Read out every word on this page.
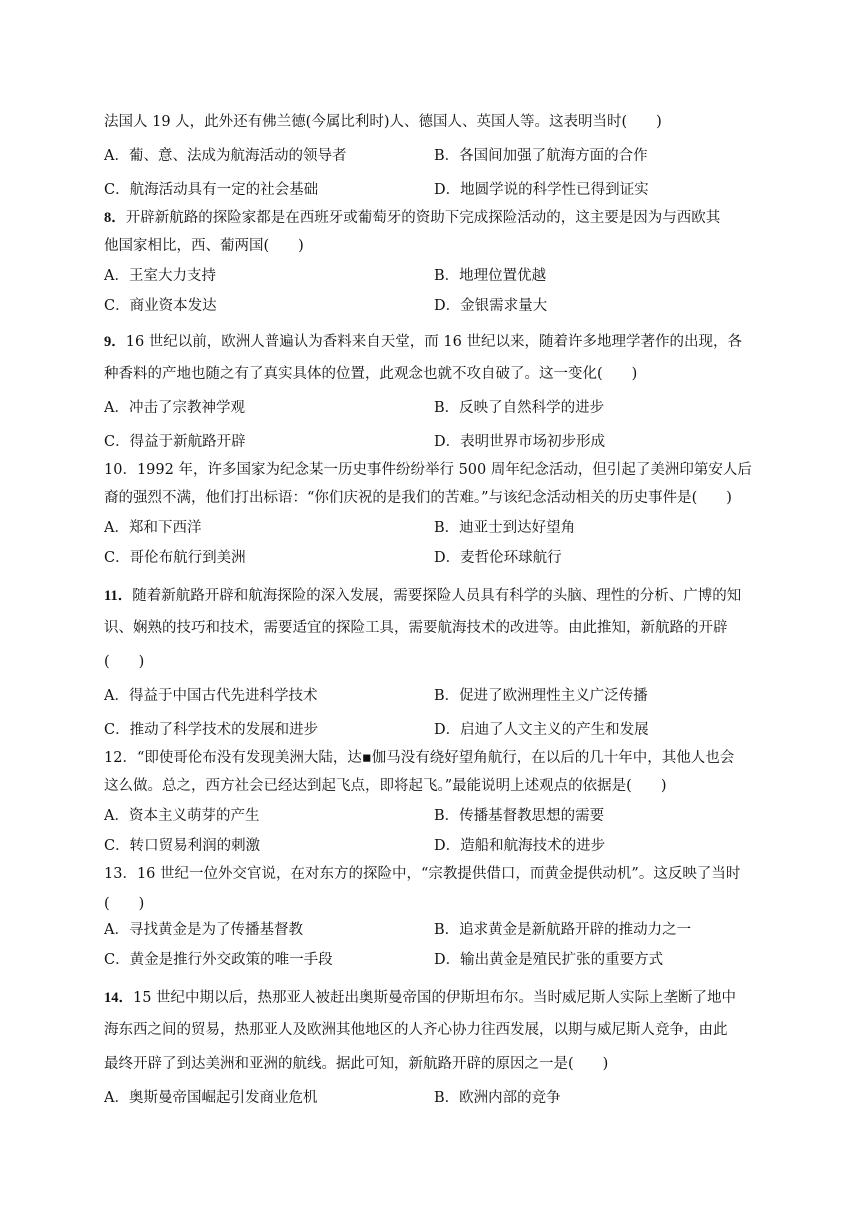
法国人 19 人，此外还有佛兰德(今属比利时)人、德国人、英国人等。这表明当时(　　)
A．葡、意、法成为航海活动的领导者	B．各国间加强了航海方面的合作
C．航海活动具有一定的社会基础	D．地圆学说的科学性已得到证实
8．开辟新航路的探险家都是在西班牙或葡萄牙的资助下完成探险活动的，这主要是因为与西欧其
他国家相比，西、葡两国(　　)
A．王室大力支持	B．地理位置优越
C．商业资本发达	D．金银需求量大
9．16 世纪以前，欧洲人普遍认为香料来自天堂，而 16 世纪以来，随着许多地理学著作的出现，各
种香料的产地也随之有了真实具体的位置，此观念也就不攻自破了。这一变化(　　)
A．冲击了宗教神学观	B．反映了自然科学的进步
C．得益于新航路开辟	D．表明世界市场初步形成
10．1992 年，许多国家为纪念某一历史事件纷纷举行 500 周年纪念活动，但引起了美洲印第安人后
裔的强烈不满，他们打出标语：“你们庆祝的是我们的苦难。”与该纪念活动相关的历史事件是(　　)
A．郑和下西洋	B．迪亚士到达好望角
C．哥伦布航行到美洲	D．麦哲伦环球航行
11．随着新航路开辟和航海探险的深入发展，需要探险人员具有科学的头脑、理性的分析、广博的知
识、娴熟的技巧和技术，需要适宜的探险工具，需要航海技术的改进等。由此推知，新航路的开辟
(　　)
A．得益于中国古代先进科学技术	B．促进了欧洲理性主义广泛传播
C．推动了科学技术的发展和进步	D．启迪了人文主义的产生和发展
12．“即使哥伦布没有发现美洲大陆，达▪伽马没有绕好望角航行，在以后的几十年中，其他人也会
这么做。总之，西方社会已经达到起飞点，即将起飞。”最能说明上述观点的依据是(　　)
A．资本主义萌芽的产生	B．传播基督教思想的需要
C．转口贸易利润的刺激	D．造船和航海技术的进步
13．16 世纪一位外交官说，在对东方的探险中，“宗教提供借口，而黄金提供动机”。这反映了当时
(　　)
A．寻找黄金是为了传播基督教	B．追求黄金是新航路开辟的推动力之一
C．黄金是推行外交政策的唯一手段	D．输出黄金是殖民扩张的重要方式
14．15 世纪中期以后，热那亚人被赶出奥斯曼帝国的伊斯坦布尔。当时威尼斯人实际上垄断了地中
海东西之间的贸易，热那亚人及欧洲其他地区的人齐心协力往西发展，以期与威尼斯人竞争，由此
最终开辟了到达美洲和亚洲的航线。据此可知，新航路开辟的原因之一是(　　)
A．奥斯曼帝国崛起引发商业危机	B．欧洲内部的竞争
